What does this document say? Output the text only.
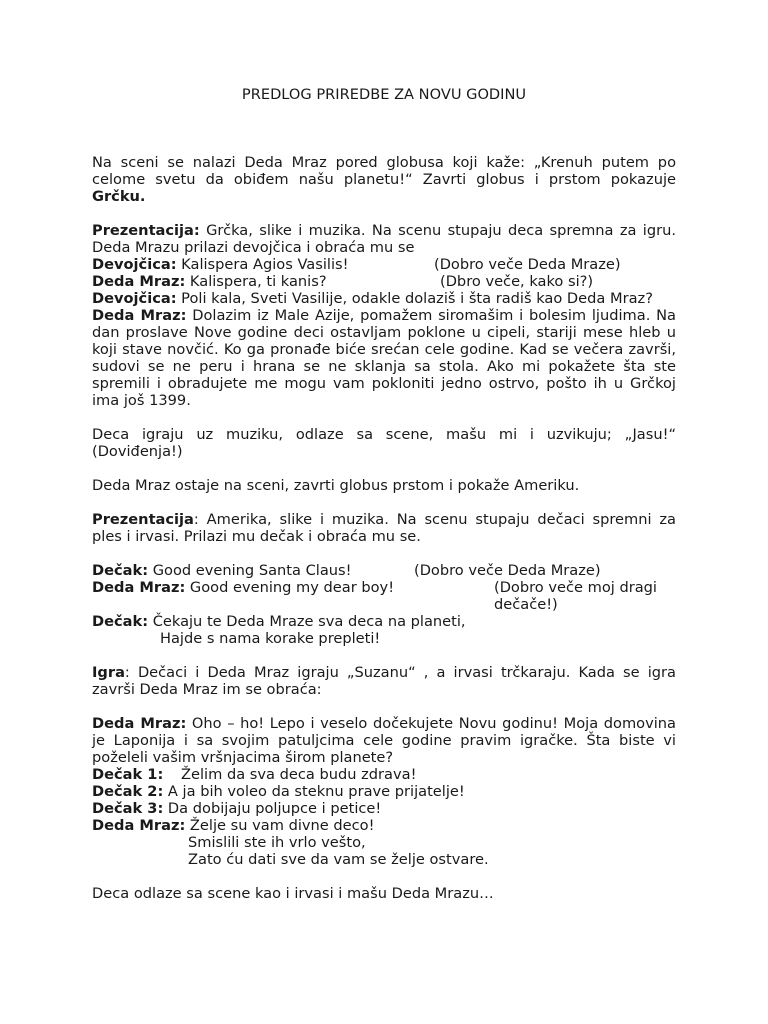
PREDLOG PRIREDBE ZA NOVU GODINU

Na sceni se nalazi Deda Mraz pored globusa koji kaže: „Krenuh putem po celome svetu da obiđem našu planetu!“ Zavrti globus i prstom pokazuje Grčku.

Prezentacija: Grčka, slike i muzika. Na scenu stupaju deca spremna za igru. Deda Mrazu prilazi devojčica i obraća mu se

Devojčica: Kalispera Agios Vasilis!	(Dobro veče Deda Mraze)
Deda Mraz: Kalispera, ti kanis?	(Dbro veče, kako si?)

Devojčica: Poli kala, Sveti Vasilije, odakle dolaziš i šta radiš kao Deda Mraz?

Deda Mraz: Dolazim iz Male Azije, pomažem siromašim i bolesim ljudima. Na dan proslave Nove godine deci ostavljam poklone u cipeli, stariji mese hleb u koji stave novčić. Ko ga pronađe biće srećan cele godine. Kad se večera završi, sudovi se ne peru i hrana se ne sklanja sa stola. Ako mi pokažete šta ste spremili i obradujete me mogu vam pokloniti jedno ostrvo, pošto ih u Grčkoj ima još 1399.

Deca igraju uz muziku, odlaze sa scene, mašu mi i uzvikuju; „Jasu!“ (Doviđenja!)

Deda Mraz ostaje na sceni, zavrti globus prstom i pokaže Ameriku.

Prezentacija: Amerika, slike i muzika. Na scenu stupaju dečaci spremni za ples i irvasi. Prilazi mu dečak i obraća mu se.

Dečak: Good evening Santa Claus!	(Dobro veče Deda Mraze)
Deda Mraz: Good evening my dear boy!	(Dobro veče moj dragi dečače!)
Dečak: Čekaju te Deda Mraze sva deca na planeti,
Hajde s nama korake prepleti!

Igra: Dečaci i Deda Mraz igraju „Suzanu“ , a irvasi trčkaraju. Kada se igra završi Deda Mraz im se obraća:

Deda Mraz: Oho – ho! Lepo i veselo dočekujete Novu godinu! Moja domovina je Laponija i sa svojim patuljcima cele godine pravim igračke. Šta biste vi poželeli vašim vršnjacima širom planete?

Dečak 1: Želim da sva deca budu zdrava!

Dečak 2: A ja bih voleo da steknu prave prijatelje!
Dečak 3: Da dobijaju poljupce i petice!
Deda Mraz: Želje su vam divne deco!
Smislili ste ih vrlo vešto,
Zato ću dati sve da vam se želje ostvare.

Deca odlaze sa scene kao i irvasi i mašu Deda Mrazu…
